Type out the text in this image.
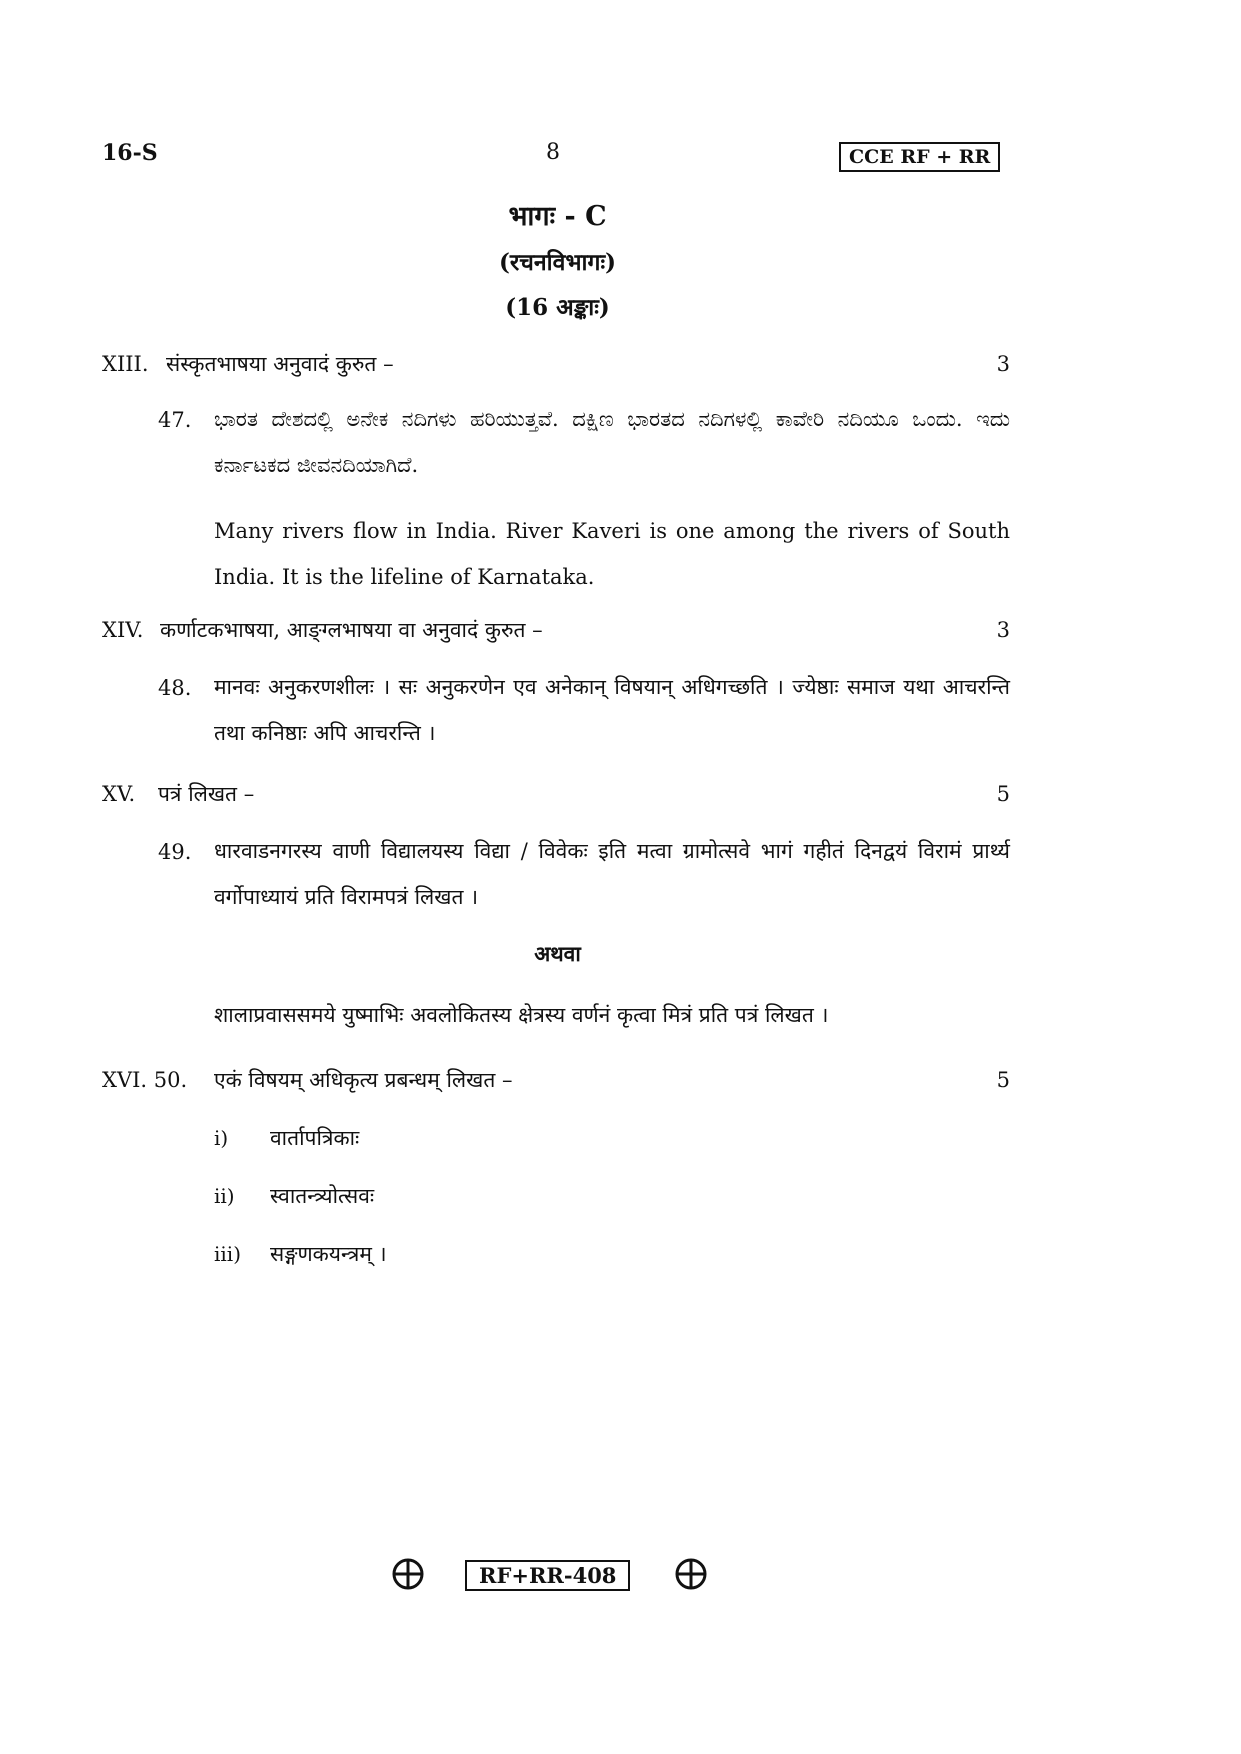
16-S	8	CCE RF + RR
भागः - C
(रचनविभागः)
(16 अङ्काः)
XIII. संस्कृतभाषया अनुवादं कुरुत –	3
47. ಭಾರತ ದೇಶದಲ್ಲಿ ಅನೇಕ ನದಿಗಳು ಹರಿಯುತ್ತವೆ. ದಕ್ಷಿಣ ಭಾರತದ ನದಿಗಳಲ್ಲಿ ಕಾವೇರಿ ನದಿಯೂ ಒಂದು. ಇದು ಕರ್ನಾಟಕದ ಜೀವನದಿಯಾಗಿದೆ.
Many rivers flow in India. River Kaveri is one among the rivers of South India. It is the lifeline of Karnataka.
XIV. कर्णाटकभाषया, आङ्ग्लभाषया वा अनुवादं कुरुत –	3
48. मानवः अनुकरणशीलः । सः अनुकरणेन एव अनेकान् विषयान् अधिगच्छति । ज्येष्ठाः समाज यथा आचरन्ति तथा कनिष्ठाः अपि आचरन्ति ।
XV. पत्रं लिखत –	5
49. धारवाडनगरस्य वाणी विद्यालयस्य विद्या / विवेकः इति मत्वा ग्रामोत्सवे भागं गहीतं दिनद्वयं विरामं प्रार्थ्य वर्गोपाध्यायं प्रति विरामपत्रं लिखत ।
अथवा
शालाप्रवाससमये युष्माभिः अवलोकितस्य क्षेत्रस्य वर्णनं कृत्वा मित्रं प्रति पत्रं लिखत ।
XVI. 50. एकं विषयम् अधिकृत्य प्रबन्धम् लिखत –	5
i) वार्तापत्रिकाः
ii) स्वातन्त्र्योत्सवः
iii) सङ्गणकयन्त्रम् ।
RF+RR-408
